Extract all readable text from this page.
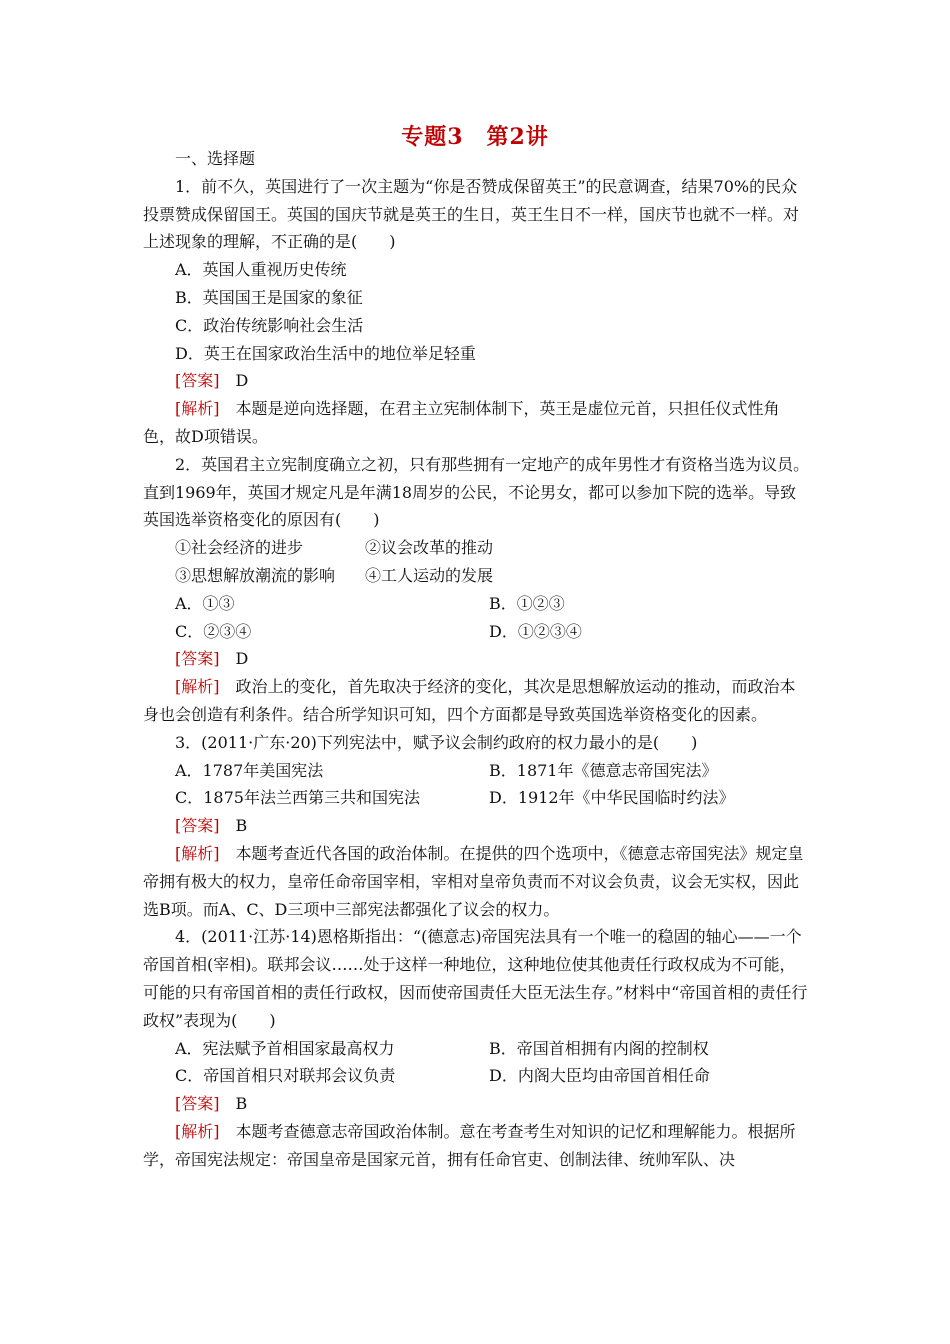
专题3　第2讲

一、选择题

1．前不久，英国进行了一次主题为“你是否赞成保留英王”的民意调查，结果70%的民众投票赞成保留国王。英国的国庆节就是英王的生日，英王生日不一样，国庆节也就不一样。对上述现象的理解，不正确的是(　　)

A．英国人重视历史传统

B．英国国王是国家的象征

C．政治传统影响社会生活

D．英王在国家政治生活中的地位举足轻重

[答案]　 D

[解析]　 本题是逆向选择题，在君主立宪制体制下，英王是虚位元首，只担任仪式性角色，故D项错误。

2．英国君主立宪制度确立之初，只有那些拥有一定地产的成年男性才有资格当选为议员。直到1969年，英国才规定凡是年满18周岁的公民，不论男女，都可以参加下院的选举。导致英国选举资格变化的原因有(　　)

①社会经济的进步	②议会改革的推动
③思想解放潮流的影响	④工人运动的发展
A．①③	B．①②③
C．②③④	D．①②③④

[答案]　 D

[解析]　 政治上的变化，首先取决于经济的变化，其次是思想解放运动的推动，而政治本身也会创造有利条件。结合所学知识可知，四个方面都是导致英国选举资格变化的因素。

3．(2011·广东·20)下列宪法中，赋予议会制约政府的权力最小的是(　　)

A．1787年美国宪法	B．1871年《德意志帝国宪法》
C．1875年法兰西第三共和国宪法	D．1912年《中华民国临时约法》

[答案]　 B

[解析]　 本题考查近代各国的政治体制。在提供的四个选项中，《德意志帝国宪法》规定皇帝拥有极大的权力，皇帝任命帝国宰相，宰相对皇帝负责而不对议会负责，议会无实权，因此选B项。而A、C、D三项中三部宪法都强化了议会的权力。

4．(2011·江苏·14)恩格斯指出：“(德意志)帝国宪法具有一个唯一的稳固的轴心——一个帝国首相(宰相)。联邦会议……处于这样一种地位，这种地位使其他责任行政权成为不可能，可能的只有帝国首相的责任行政权，因而使帝国责任大臣无法生存。”材料中“帝国首相的责任行政权”表现为(　　)

A．宪法赋予首相国家最高权力	B．帝国首相拥有内阁的控制权
C．帝国首相只对联邦会议负责	D．内阁大臣均由帝国首相任命

[答案]　 B

[解析]　 本题考查德意志帝国政治体制。意在考查考生对知识的记忆和理解能力。根据所学，帝国宪法规定：帝国皇帝是国家元首，拥有任命官吏、创制法律、统帅军队、决
